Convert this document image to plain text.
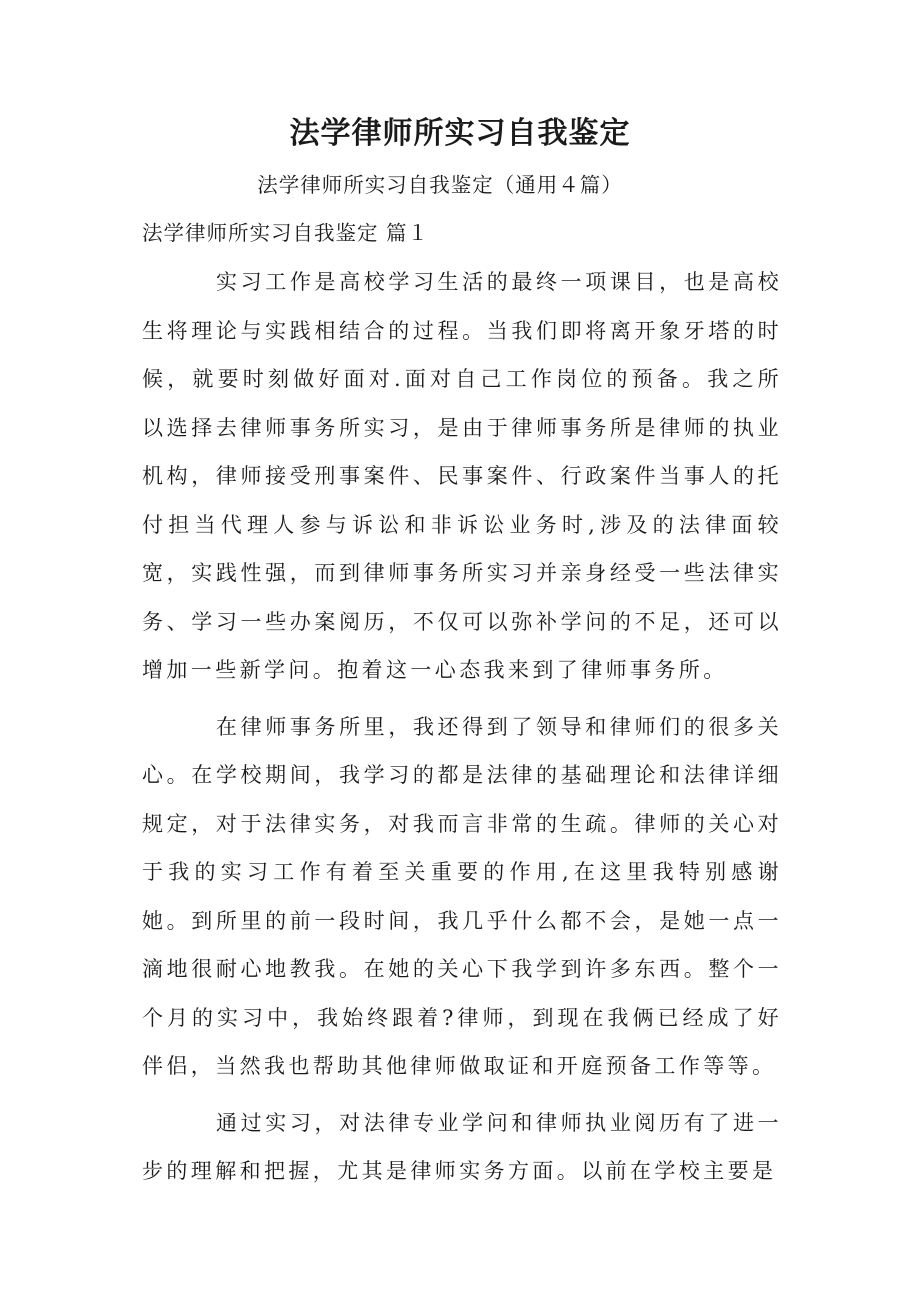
法学律师所实习自我鉴定
法学律师所实习自我鉴定（通用４篇）
法学律师所实习自我鉴定 篇１

实习工作是高校学习生活的最终一项课目，也是高校生将理论与实践相结合的过程。当我们即将离开象牙塔的时候，就要时刻做好面对.面对自己工作岗位的预备。我之所以选择去律师事务所实习，是由于律师事务所是律师的执业机构，律师接受刑事案件、民事案件、行政案件当事人的托付担当代理人参与诉讼和非诉讼业务时,涉及的法律面较宽，实践性强，而到律师事务所实习并亲身经受一些法律实务、学习一些办案阅历，不仅可以弥补学问的不足，还可以增加一些新学问。抱着这一心态我来到了律师事务所。

在律师事务所里，我还得到了领导和律师们的很多关心。在学校期间，我学习的都是法律的基础理论和法律详细规定，对于法律实务，对我而言非常的生疏。律师的关心对于我的实习工作有着至关重要的作用,在这里我特别感谢她。到所里的前一段时间，我几乎什么都不会，是她一点一滴地很耐心地教我。在她的关心下我学到许多东西。整个一个月的实习中，我始终跟着?律师，到现在我俩已经成了好伴侣，当然我也帮助其他律师做取证和开庭预备工作等等。

通过实习，对法律专业学问和律师执业阅历有了进一步的理解和把握，尤其是律师实务方面。以前在学校主要是
